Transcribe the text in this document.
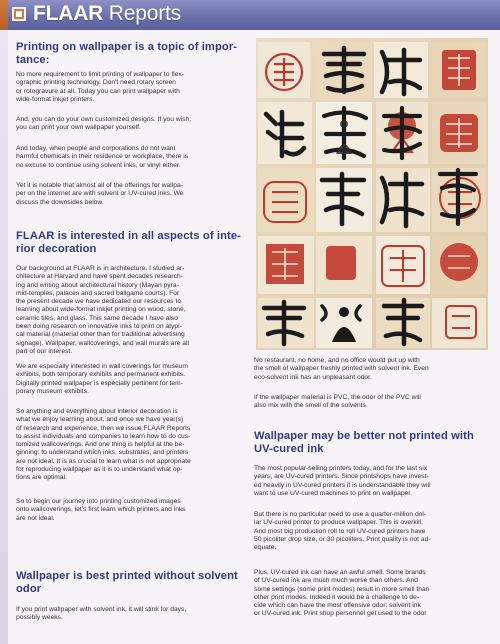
FLAAR Reports
Printing on wallpaper is a topic of impor-
tance:

No more requirement to limit printing of wallpaper to flex-
ographic printing technology. Don't need rotary screen
or rotogravure at all. Today you can print wallpaper with
wide-format inkjet printers.

And, you can do your own customized designs. If you wish,
you can print your own wallpaper yourself.

And today, when people and corporations do not want
harmful chemicals in their residence or workplace, there is
no excuse to continue using solvent inks, or vinyl either.

Yet it is notable that almost all of the offerings for wallpa-
per on the internet are with solvent or UV-cured inks. We
discuss the downsides below.

FLAAR is interested in all aspects of inte-
rior decoration

Our background at FLAAR is in architecture. I studied ar-
chitecture at Harvard and have spent decades research-
ing and writing about architectural history (Mayan pyra-
mid-temples, palaces and sacred ballgame courts). For
the present decade we have dedicated our resources to
learning about wide-format inkjet printing on wood, stone,
ceramic tiles, and glass. This same decade I have also
been doing research on innovative inks to print on atypi-
cal material (material other than for traditional advertising
signage). Wallpaper, wallcoverings, and wall murals are all
part of our interest.

We are especially interested in wall coverings for museum
exhibits, both temporary exhibits and permanent exhibits.
Digitally printed wallpaper is especially pertinent for tem-
porary museum exhibits.

So anything and everything about interior decoration is
what we enjoy learning about, and once we have year(s)
of research and experience, then we issue FLAAR Reports
to assist individuals and companies to learn how to do cus-
tomized wallcoverings. And one thing is helpful at the be-
ginning: to understand which inks, substrates, and printers
are not ideal. It is as crucial to learn what is not appropriate
for reproducing wallpaper as it is to understand what op-
tions are optimal.

So to begin our journey into printing customized images
onto wallcoverings, let's first learn which printers and inks
are not ideal.

Wallpaper is best printed without solvent
odor

If you print wallpaper with solvent ink, it will stink for days,
possibly weeks.

No restaurant, no home, and no office would put up with
the smell of wallpaper freshly printed with solvent ink. Even
eco-solvent ink has an unpleasant odor.

If the wallpaper material is PVC, the odor of the PVC will
also mix with the smell of the solvents.

Wallpaper may be better not printed with
UV-cured ink

The most popular-selling printers today, and for the last six
years, are UV-cured printers. Since printshops have invest-
ed heavily in UV-cured printers it is understandable they will
want to use UV-cured machines to print on wallpaper.

But there is no particular need to use a quarter-million dol-
lar UV-cured printer to produce wallpaper. This is overkill.
And most big production roll to roll UV-cured printers have
50 picoliter drop size, or 30 picoliters. Print quality is not ad-
equate.

Plus, UV-cured ink can have an awful smell. Some brands
of UV-cured ink are much much worse than others. And
some settings (some print modes) result in more smell than
other print modes. Indeed it would be a challenge to de-
cide which can have the most offensive odor: solvent ink
or UV-cured ink. Print shop personnel get used to the odor
